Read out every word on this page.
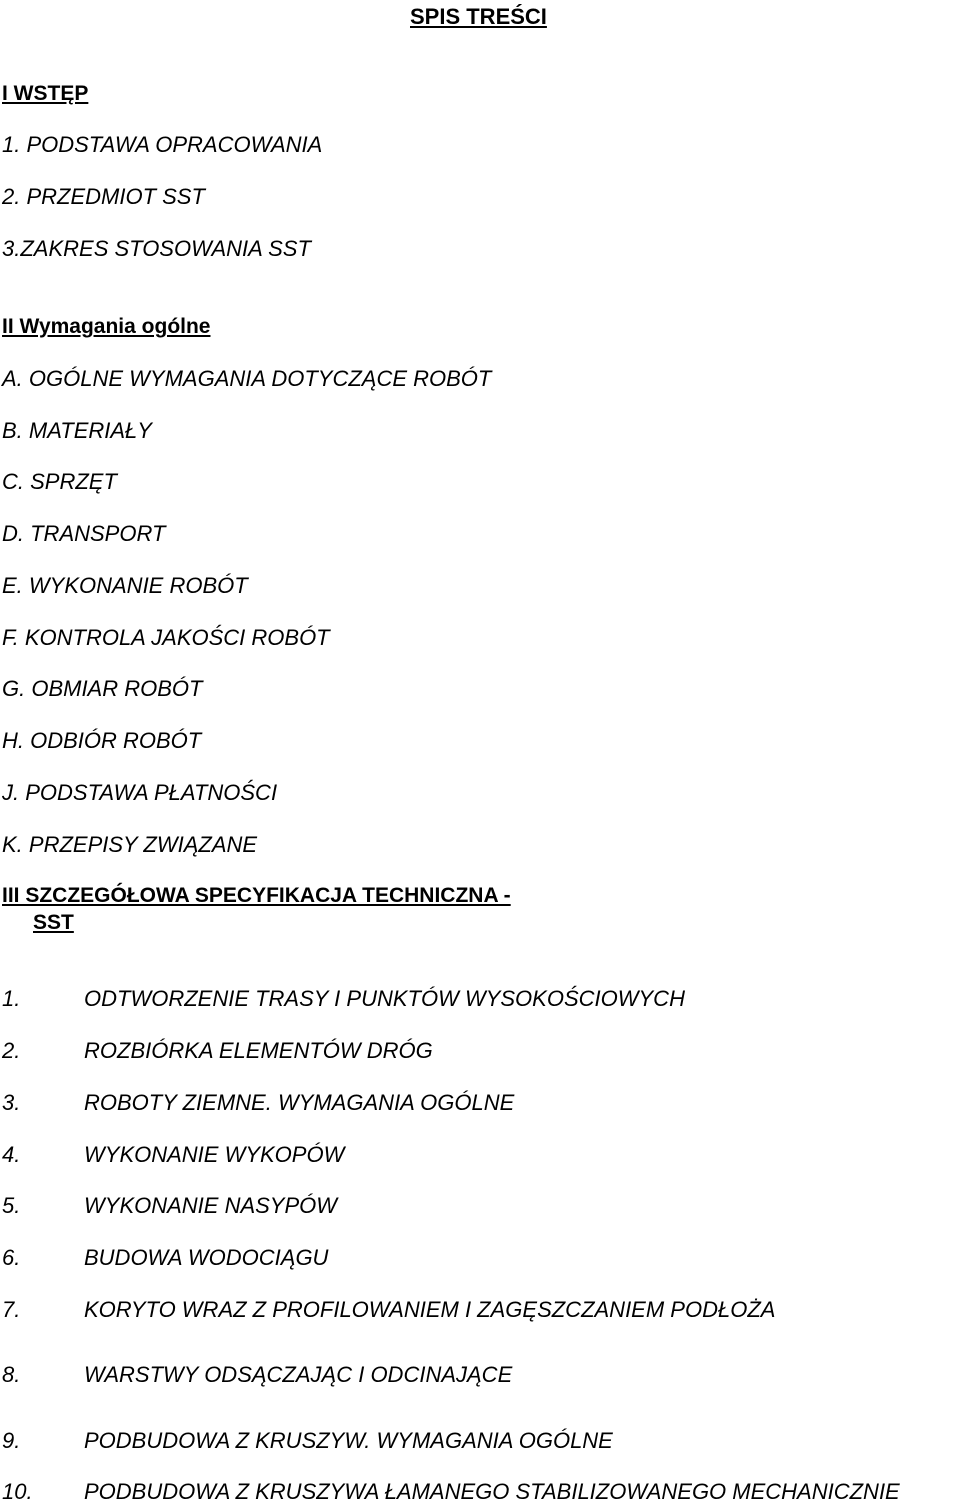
SPIS TREŚCI
I WSTĘP
1. PODSTAWA OPRACOWANIA
2. PRZEDMIOT SST
3.ZAKRES STOSOWANIA SST
II Wymagania ogólne
A. OGÓLNE WYMAGANIA DOTYCZĄCE ROBÓT
B. MATERIAŁY
C. SPRZĘT
D. TRANSPORT
E. WYKONANIE ROBÓT
F. KONTROLA JAKOŚCI ROBÓT
G. OBMIAR ROBÓT
H. ODBIÓR ROBÓT
J. PODSTAWA PŁATNOŚCI
K. PRZEPISY ZWIĄZANE
III SZCZEGÓŁOWA SPECYFIKACJA TECHNICZNA -
SST
1.	ODTWORZENIE TRASY I PUNKTÓW WYSOKOŚCIOWYCH
2.	ROZBIÓRKA ELEMENTÓW DRÓG
3.	ROBOTY ZIEMNE. WYMAGANIA OGÓLNE
4.	WYKONANIE WYKOPÓW
5.	WYKONANIE NASYPÓW
6.	BUDOWA WODOCIĄGU
7.	KORYTO WRAZ Z PROFILOWANIEM I ZAGĘSZCZANIEM PODŁOŻA
8.	WARSTWY ODSĄCZAJĄC I ODCINAJĄCE
9.	PODBUDOWA Z KRUSZYW. WYMAGANIA OGÓLNE
10. PODBUDOWA Z KRUSZYWA ŁAMANEGO STABILIZOWANEGO MECHANICZNIE
